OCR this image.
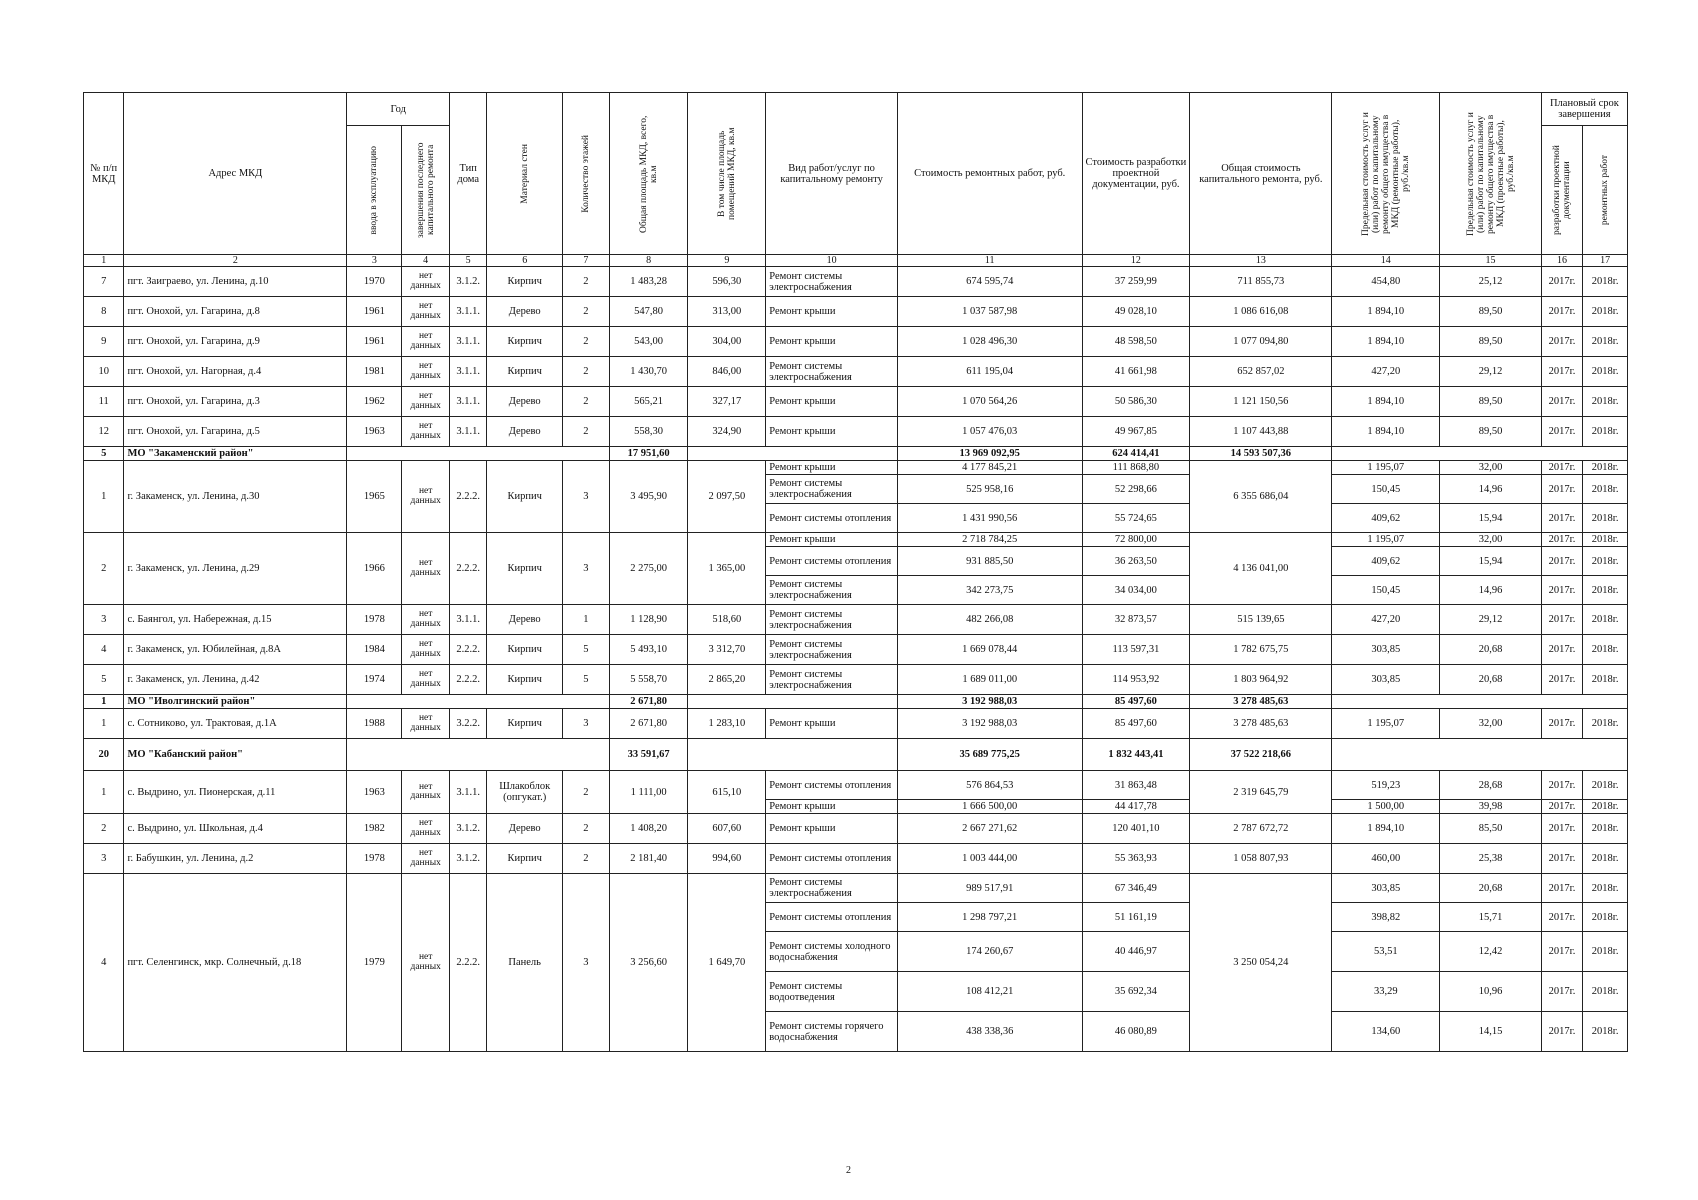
№ п/п МКД	Адрес МКД	Год		Тип дома	Материал стен	Количество этажей	Общая площадь МКД, всего, кв.м	В том числе площадь помещений МКД, кв.м	Вид работ/услуг по капитальному ремонту	Стоимость ремонтных работ, руб.	Стоимость разработки проектной документации, руб.	Общая стоимость капитального ремонта, руб.	Предельная стоимость услуг и (или) работ по капитальному ремонту общего имущества в МКД (ремонтные работы), руб./кв.м	Предельная стоимость услуг и (или) работ по капитальному ремонту общего имущества в МКД (проектные работы), руб./кв.м	Плановый срок завершения	

		ввода в эксплуатацию	завершения последнего капитального ремонта												разработки проектной документации	ремонтных работ

1	2	3	4	5	6	7	8	9	10	11	12	13	14	15	16	17
7	пгт. Заиграево, ул. Ленина, д.10	1970	нет данных	3.1.2.	Кирпич	2	1 483,28	596,30	Ремонт системы электроснабжения	674 595,74	37 259,99	711 855,73	454,80	25,12	2017г.	2018г.
8	пгт. Онохой, ул. Гагарина, д.8	1961	нет данных	3.1.1.	Дерево	2	547,80	313,00	Ремонт крыши	1 037 587,98	49 028,10	1 086 616,08	1 894,10	89,50	2017г.	2018г.
9	пгт. Онохой, ул. Гагарина, д.9	1961	нет данных	3.1.1.	Кирпич	2	543,00	304,00	Ремонт крыши	1 028 496,30	48 598,50	1 077 094,80	1 894,10	89,50	2017г.	2018г.
10	пгт. Онохой, ул. Нагорная, д.4	1981	нет данных	3.1.1.	Кирпич	2	1 430,70	846,00	Ремонт системы электроснабжения	611 195,04	41 661,98	652 857,02	427,20	29,12	2017г.	2018г.
11	пгт. Онохой, ул. Гагарина, д.3	1962	нет данных	3.1.1.	Дерево	2	565,21	327,17	Ремонт крыши	1 070 564,26	50 586,30	1 121 150,56	1 894,10	89,50	2017г.	2018г.
12	пгт. Онохой, ул. Гагарина, д.5	1963	нет данных	3.1.1.	Дерево	2	558,30	324,90	Ремонт крыши	1 057 476,03	49 967,85	1 107 443,88	1 894,10	89,50	2017г.	2018г.
5	МО "Закаменский район"						17 951,60			13 969 092,95	624 414,41	14 593 507,36				
1	г. Закаменск, ул. Ленина, д.30	1965	нет данных	2.2.2.	Кирпич	3	3 495,90	2 097,50	Ремонт крыши	4 177 845,21	111 868,80	6 355 686,04	1 195,07	32,00	2017г.	2018г.
									Ремонт системы электроснабжения	525 958,16	52 298,66		150,45	14,96	2017г.	2018г.
									Ремонт системы отопления	1 431 990,56	55 724,65		409,62	15,94	2017г.	2018г.
2	г. Закаменск, ул. Ленина, д.29	1966	нет данных	2.2.2.	Кирпич	3	2 275,00	1 365,00	Ремонт крыши	2 718 784,25	72 800,00	4 136 041,00	1 195,07	32,00	2017г.	2018г.
									Ремонт системы отопления	931 885,50	36 263,50		409,62	15,94	2017г.	2018г.
									Ремонт системы электроснабжения	342 273,75	34 034,00		150,45	14,96	2017г.	2018г.
3	с. Баянгол, ул. Набережная, д.15	1978	нет данных	3.1.1.	Дерево	1	1 128,90	518,60	Ремонт системы электроснабжения	482 266,08	32 873,57	515 139,65	427,20	29,12	2017г.	2018г.
4	г. Закаменск, ул. Юбилейная, д.8А	1984	нет данных	2.2.2.	Кирпич	5	5 493,10	3 312,70	Ремонт системы электроснабжения	1 669 078,44	113 597,31	1 782 675,75	303,85	20,68	2017г.	2018г.
5	г. Закаменск, ул. Ленина, д.42	1974	нет данных	2.2.2.	Кирпич	5	5 558,70	2 865,20	Ремонт системы электроснабжения	1 689 011,00	114 953,92	1 803 964,92	303,85	20,68	2017г.	2018г.
1	МО "Иволгинский район"						2 671,80			3 192 988,03	85 497,60	3 278 485,63				
1	с. Сотниково, ул. Трактовая, д.1А	1988	нет данных	3.2.2.	Кирпич	3	2 671,80	1 283,10	Ремонт крыши	3 192 988,03	85 497,60	3 278 485,63	1 195,07	32,00	2017г.	2018г.
20	МО "Кабанский район"						33 591,67			35 689 775,25	1 832 443,41	37 522 218,66				
1	с. Выдрино, ул. Пионерская, д.11	1963	нет данных	3.1.1.	Шлакоблок (опгукат.)	2	1 111,00	615,10	Ремонт системы отопления	576 864,53	31 863,48	2 319 645,79	519,23	28,68	2017г.	2018г.
									Ремонт крыши	1 666 500,00	44 417,78		1 500,00	39,98	2017г.	2018г.
2	с. Выдрино, ул. Школьная, д.4	1982	нет данных	3.1.2.	Дерево	2	1 408,20	607,60	Ремонт крыши	2 667 271,62	120 401,10	2 787 672,72	1 894,10	85,50	2017г.	2018г.
3	г. Бабушкин, ул. Ленина, д.2	1978	нет данных	3.1.2.	Кирпич	2	2 181,40	994,60	Ремонт системы отопления	1 003 444,00	55 363,93	1 058 807,93	460,00	25,38	2017г.	2018г.
4	пгт. Селенгинск, мкр. Солнечный, д.18	1979	нет данных	2.2.2.	Панель	3	3 256,60	1 649,70	Ремонт системы электроснабжения	989 517,91	67 346,49	3 250 054,24	303,85	20,68	2017г.	2018г.
									Ремонт системы отопления	1 298 797,21	51 161,19		398,82	15,71	2017г.	2018г.
									Ремонт системы холодного водоснабжения	174 260,67	40 446,97		53,51	12,42	2017г.	2018г.
									Ремонт системы водоотведения	108 412,21	35 692,34		33,29	10,96	2017г.	2018г.
									Ремонт системы горячего водоснабжения	438 338,36	46 080,89		134,60	14,15	2017г.	2018г.
2
